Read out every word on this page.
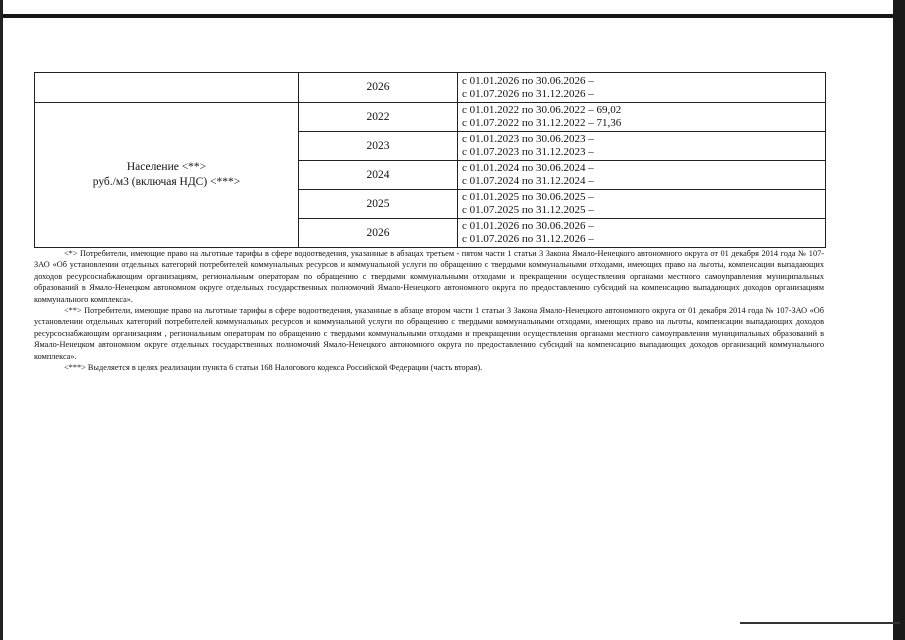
	2026	с 01.01.2026 по 30.06.2026 –
с 01.07.2026 по 31.12.2026 –

Население <**>
руб./м3 (включая НДС) <***>	2022	с 01.01.2022 по 30.06.2022 – 69,02
с 01.07.2022 по 31.12.2022 – 71,36

	2023	с 01.01.2023 по 30.06.2023 –
с 01.07.2023 по 31.12.2023 –

	2024	с 01.01.2024 по 30.06.2024 –
с 01.07.2024 по 31.12.2024 –

	2025	с 01.01.2025 по 30.06.2025 –
с 01.07.2025 по 31.12.2025 –

	2026	с 01.01.2026 по 30.06.2026 –
с 01.07.2026 по 31.12.2026 –

<*> Потребители, имеющие право на льготные тарифы в сфере водоотведения, указанные в абзацах третьем - пятом части 1 статьи 3 Закона Ямало-Ненецкого автономного округа от 01 декабря 2014 года № 107-ЗАО «Об установлении отдельных категорий потребителей коммунальных ресурсов и коммунальной услуги по обращению с твердыми коммунальными отходами, имеющих право на льготы, компенсации выпадающих доходов ресурсоснабжающим организациям, региональным операторам по обращению с твердыми коммунальными отходами и прекращении осуществления органами местного самоуправления муниципальных образований в Ямало-Ненецком автономном округе отдельных государственных полномочий Ямало-Ненецкого автономного округа по предоставлению субсидий на компенсацию выпадающих доходов организациям коммунального комплекса».

<**> Потребители, имеющие право на льготные тарифы в сфере водоотведения, указанные в абзаце втором части 1 статьи 3 Закона Ямало-Ненецкого автономного округа от 01 декабря 2014 года № 107-ЗАО «Об установлении отдельных категорий потребителей коммунальных ресурсов и коммунальной услуги по обращению с твердыми коммунальными отходами, имеющих право на льготы, компенсации выпадающих доходов ресурсоснабжающим организациям , региональным операторам по обращению с твердыми коммунальными отходами и прекращении осуществления органами местного самоуправления муниципальных образований в Ямало-Ненецком автономном округе отдельных государственных полномочий Ямало-Ненецкого автономного округа по предоставлению субсидий на компенсацию выпадающих доходов организаций коммунального комплекса».

<***> Выделяется в целях реализации пункта 6 статьи 168 Налогового кодекса Российской Федерации (часть вторая).
